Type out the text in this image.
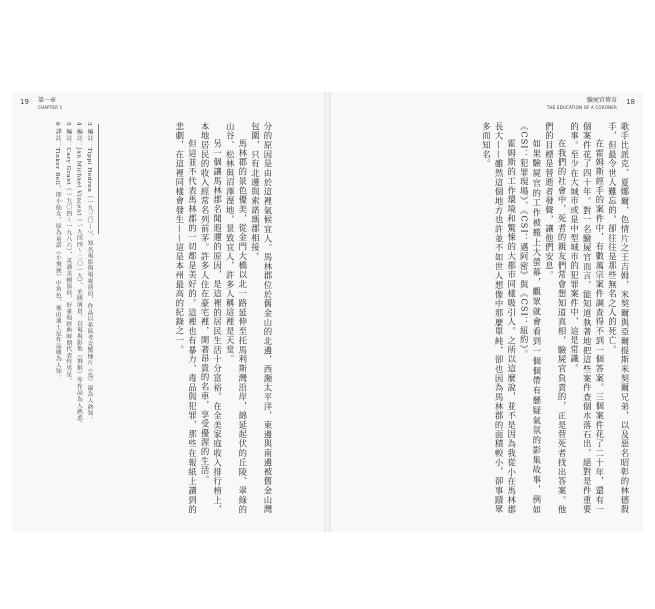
19 第一章
CHAPTER 1

分的原因是由於這裡氣候宜人。馬林郡位於舊金山的北邊，西瀕太平洋，東邊與南邊被舊金山灣包圍，只有北邊與索諾瑪郡相接。

馬林郡的景色優美，從金門大橋以北一路延伸至托馬利斯灣沿岸，綿延起伏的丘陵、翠綠的山谷、松林與沼澤溼地，景致宜人，許多人稱這裡是天堂。

另一個讓馬林郡名聞遐邇的原因，是這裡的居民生活十分富裕。在全美家庭收入排行榜上，本地居民的收入經常名列前茅。許多人住在豪宅裡，開著昂貴的名車，享受優渥的生活。

但這並不代表馬林郡的一切都是美好的。這裡也有暴力、毒品與犯罪，那些在報紙上讀到的悲劇，在這裡同樣會發生——這是本州最高的紀錄之一。

3 編註：Tippi Hedren（一九三〇～），知名電影與電視演員，作品以希區考克驚悚片《鳥》最為人熟知。

4 編註：Jan Michael Vincent（一九四四～二〇一九），美國演員，以電視影集《飛狼》等作品為人熟悉。

5 編註：Cary Grant（一九〇四～一九八六），英裔美國演員，好萊塢經典時期代表性男星。

6 譯註：Tinker Bell，即小仙女，原為童話《小飛俠》中角色，後由迪士尼作品廣為人知。

18
驗屍官傳奇
THE EDUCATION OF A CORONER

歌手比派克、夏娜爾，色情片之王吉姆，米契爾與亞爾提斯米契爾兄弟，以及惡名昭彰的林德殺手，但最令世人難忘的，卻往往是那些無名之人的死亡。

在霍姆斯經手的案件中，有數萬宗案件調查得不到一個答案。三個案件花了二十年，還有一個案件花了四十年。對一名驗屍官而言，能知道執著地把這些案件查個水落石出，絕對是件重要的事。至少在大城市或是中型城市的犯罪案件中，這是常識。

在我們的社會中，死者的親友們常會想知道真相，驗屍官負責的，正是替死者找出答案。他們的目標是替逝者發聲，讓他們安息。

如果驗屍官的工作被搬上大螢幕，觀眾就會看到一個個帶有懸疑氣氛的影集故事，例如《CSI：犯罪現場》、《CSI：邁阿密》與《CSI：紐約》。

霍姆斯的工作環境和驚悚的大都市同樣吸引人。之所以這麼說，並不是因為我從小在馬林郡長大——雖然這個地方也許並不如世人想像中那麼單純，卻也因為馬林郡的面積較小，卻事蹟眾多而知名。
